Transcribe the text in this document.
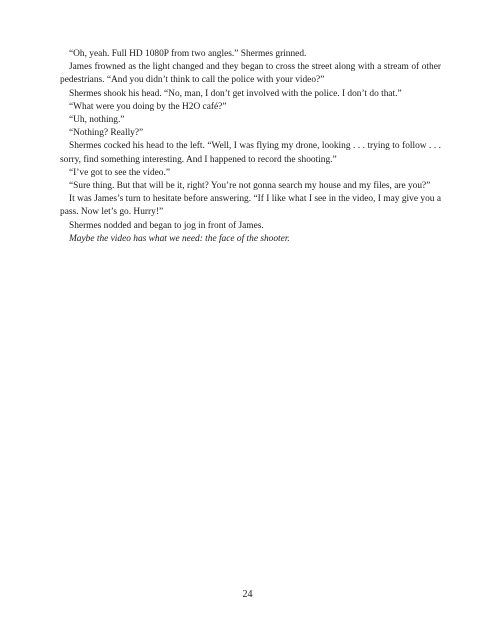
“Oh, yeah. Full HD 1080P from two angles.” Shermes grinned.

James frowned as the light changed and they began to cross the street along with a stream of other pedestrians. “And you didn’t think to call the police with your video?”

Shermes shook his head. “No, man, I don’t get involved with the police. I don’t do that.”

“What were you doing by the H2O café?”

“Uh, nothing.”

“Nothing? Really?”

Shermes cocked his head to the left. “Well, I was flying my drone, looking . . . trying to follow . . . sorry, find something interesting. And I happened to record the shooting.”

“I’ve got to see the video.”

“Sure thing. But that will be it, right? You’re not gonna search my house and my files, are you?”

It was James’s turn to hesitate before answering. “If I like what I see in the video, I may give you a pass. Now let’s go. Hurry!”

Shermes nodded and began to jog in front of James.

Maybe the video has what we need: the face of the shooter.

24
